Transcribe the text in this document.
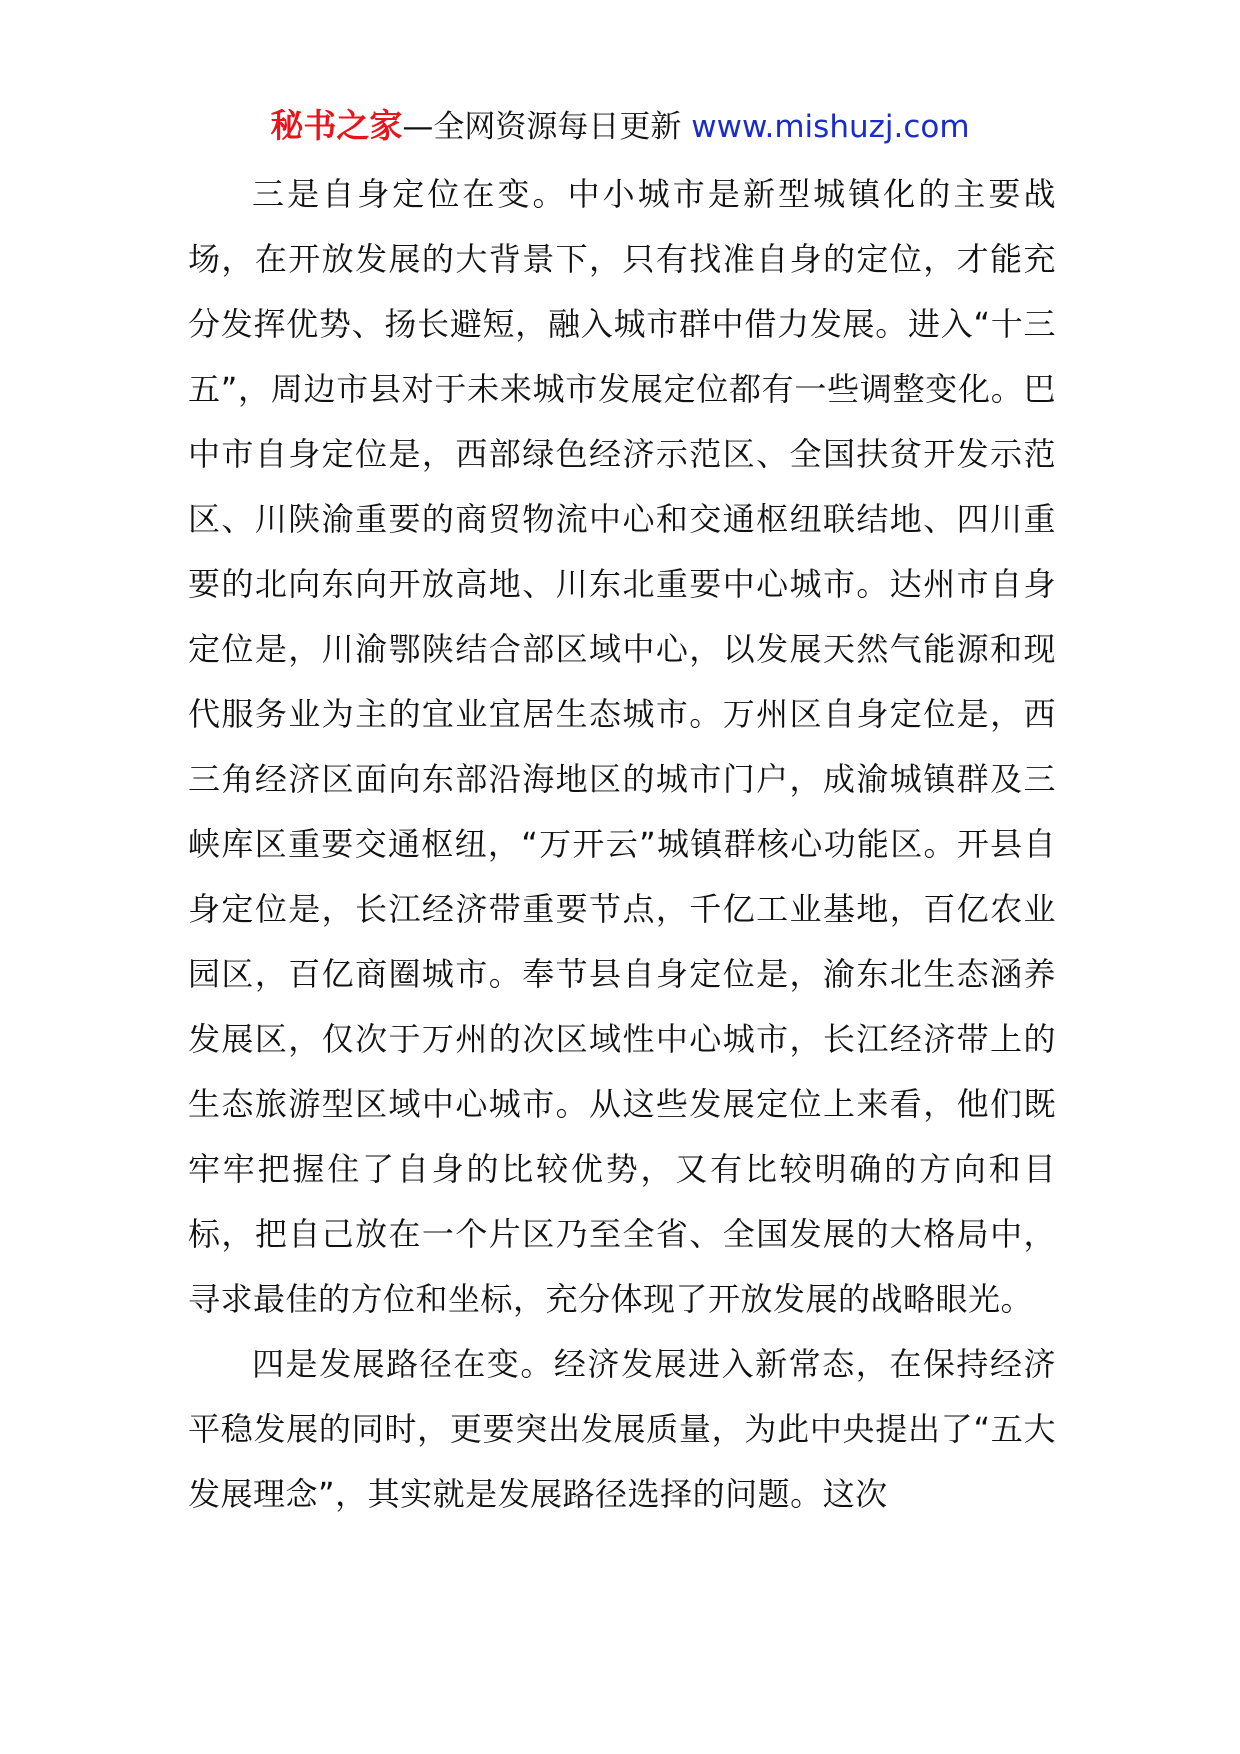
秘书之家—全网资源每日更新 www.mishuzj.com

三是自身定位在变。中小城市是新型城镇化的主要战场，在开放发展的大背景下，只有找准自身的定位，才能充分发挥优势、扬长避短，融入城市群中借力发展。进入“十三五”，周边市县对于未来城市发展定位都有一些调整变化。巴中市自身定位是，西部绿色经济示范区、全国扶贫开发示范区、川陕渝重要的商贸物流中心和交通枢纽联结地、四川重要的北向东向开放高地、川东北重要中心城市。达州市自身定位是，川渝鄂陕结合部区域中心，以发展天然气能源和现代服务业为主的宜业宜居生态城市。万州区自身定位是，西三角经济区面向东部沿海地区的城市门户，成渝城镇群及三峡库区重要交通枢纽，“万开云”城镇群核心功能区。开县自身定位是，长江经济带重要节点，千亿工业基地，百亿农业园区，百亿商圈城市。奉节县自身定位是，渝东北生态涵养发展区，仅次于万州的次区域性中心城市，长江经济带上的生态旅游型区域中心城市。从这些发展定位上来看，他们既牢牢把握住了自身的比较优势，又有比较明确的方向和目标，把自己放在一个片区乃至全省、全国发展的大格局中，寻求最佳的方位和坐标，充分体现了开放发展的战略眼光。

四是发展路径在变。经济发展进入新常态，在保持经济平稳发展的同时，更要突出发展质量，为此中央提出了“五大发展理念”，其实就是发展路径选择的问题。这次
